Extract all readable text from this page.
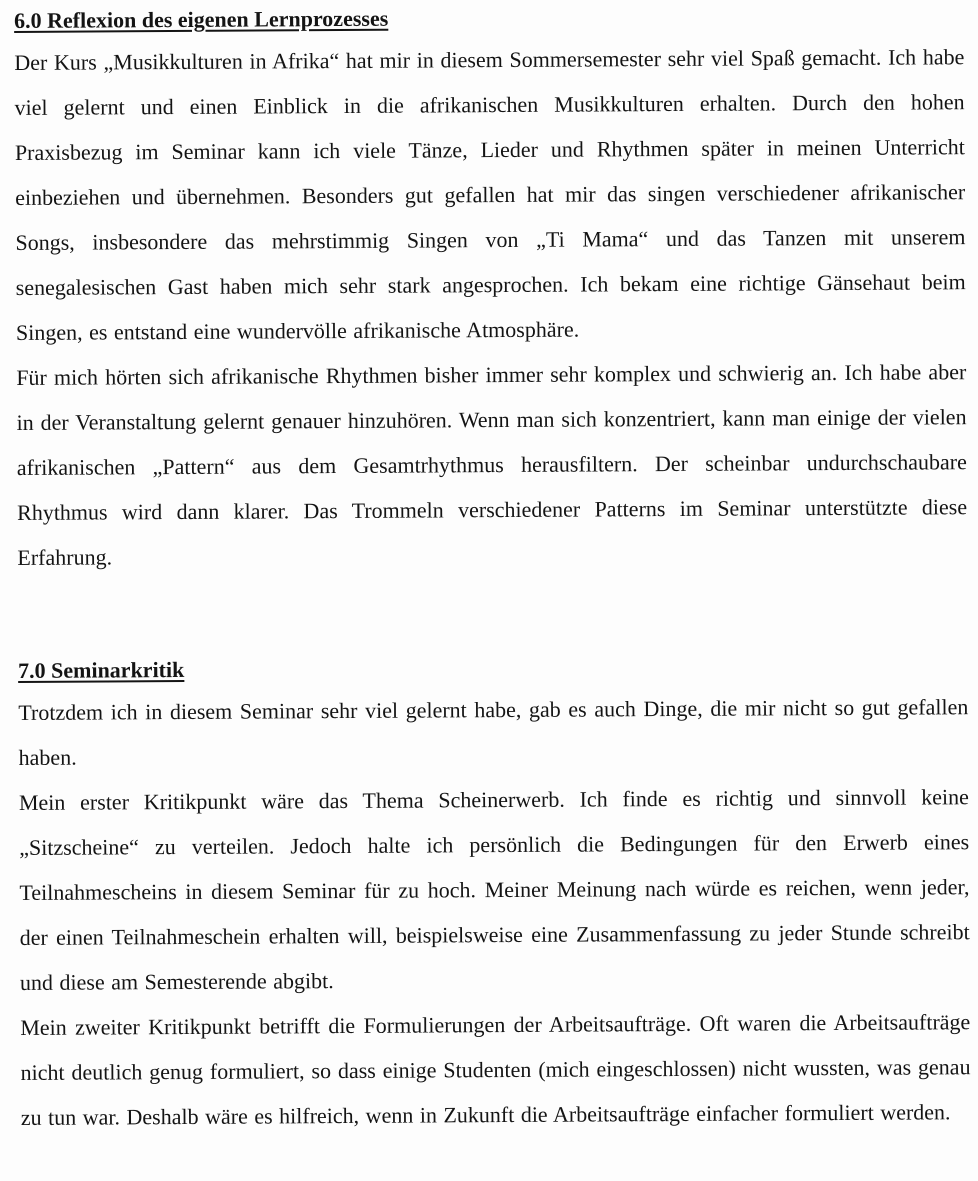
6.0 Reflexion des eigenen Lernprozesses

Der Kurs „Musikkulturen in Afrika“ hat mir in diesem Sommersemester sehr viel Spaß gemacht. Ich habe viel gelernt und einen Einblick in die afrikanischen Musikkulturen erhalten. Durch den hohen Praxisbezug im Seminar kann ich viele Tänze, Lieder und Rhythmen später in meinen Unterricht einbeziehen und übernehmen. Besonders gut gefallen hat mir das singen verschiedener afrikanischer Songs, insbesondere das mehrstimmig Singen von „Ti Mama“ und das Tanzen mit unserem senegalesischen Gast haben mich sehr stark angesprochen. Ich bekam eine richtige Gänsehaut beim Singen, es entstand eine wundervölle afrikanische Atmosphäre.

Für mich hörten sich afrikanische Rhythmen bisher immer sehr komplex und schwierig an. Ich habe aber in der Veranstaltung gelernt genauer hinzuhören. Wenn man sich konzentriert, kann man einige der vielen afrikanischen „Pattern“ aus dem Gesamtrhythmus herausfiltern. Der scheinbar undurchschaubare Rhythmus wird dann klarer. Das Trommeln verschiedener Patterns im Seminar unterstützte diese Erfahrung.

7.0 Seminarkritik

Trotzdem ich in diesem Seminar sehr viel gelernt habe, gab es auch Dinge, die mir nicht so gut gefallen haben.

Mein erster Kritikpunkt wäre das Thema Scheinerwerb. Ich finde es richtig und sinnvoll keine „Sitzscheine“ zu verteilen. Jedoch halte ich persönlich die Bedingungen für den Erwerb eines Teilnahmescheins in diesem Seminar für zu hoch. Meiner Meinung nach würde es reichen, wenn jeder, der einen Teilnahmeschein erhalten will, beispielsweise eine Zusammenfassung zu jeder Stunde schreibt und diese am Semesterende abgibt.

Mein zweiter Kritikpunkt betrifft die Formulierungen der Arbeitsaufträge. Oft waren die Arbeitsaufträge nicht deutlich genug formuliert, so dass einige Studenten (mich eingeschlossen) nicht wussten, was genau zu tun war. Deshalb wäre es hilfreich, wenn in Zukunft die Arbeitsaufträge einfacher formuliert werden.
